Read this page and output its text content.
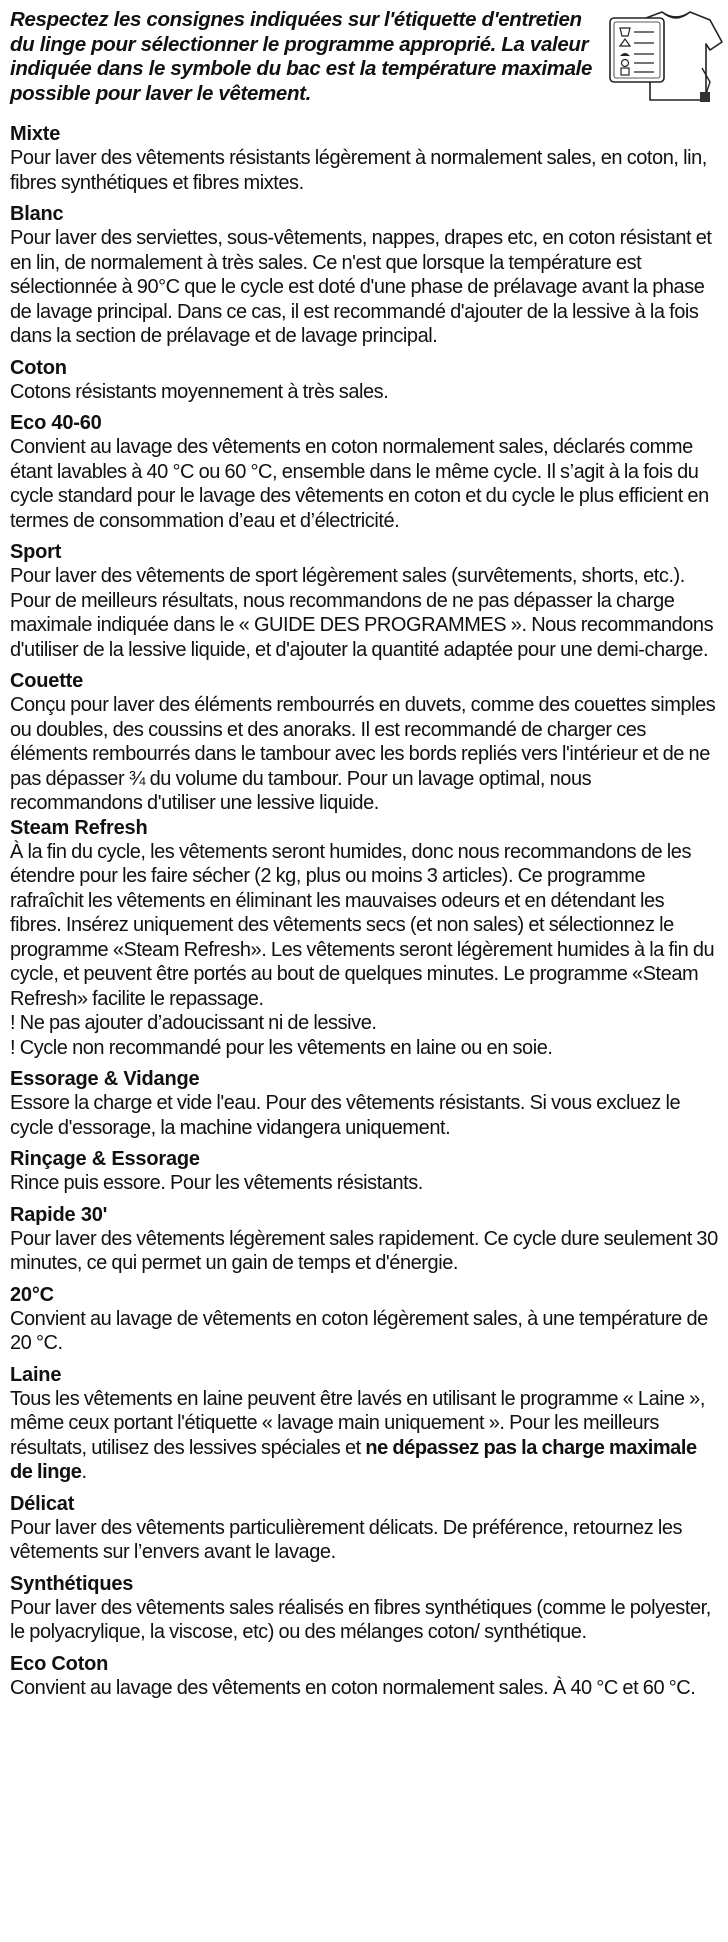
Respectez les consignes indiquées sur l'étiquette d'entretien du linge pour sélectionner le programme approprié. La valeur indiquée dans le symbole du bac est la température maximale possible pour laver le vêtement.

Mixte

Pour laver des vêtements résistants légèrement à normalement sales, en coton, lin, fibres synthétiques et fibres mixtes.

Blanc

Pour laver des serviettes, sous-vêtements, nappes, drapes etc, en coton résistant et en lin, de normalement à très sales. Ce n'est que lorsque la température est sélectionnée à 90°C que le cycle est doté d'une phase de prélavage avant la phase de lavage principal. Dans ce cas, il est recommandé d'ajouter de la lessive à la fois dans la section de prélavage et de lavage principal.

Coton

Cotons résistants moyennement à très sales.

Eco 40-60

Convient au lavage des vêtements en coton normalement sales, déclarés comme étant lavables à 40 °C ou 60 °C, ensemble dans le même cycle. Il s’agit à la fois du cycle standard pour le lavage des vêtements en coton et du cycle le plus efficient en termes de consommation d’eau et d’électricité.

Sport

Pour laver des vêtements de sport légèrement sales (survêtements, shorts, etc.). Pour de meilleurs résultats, nous recommandons de ne pas dépasser la charge maximale indiquée dans le « GUIDE DES PROGRAMMES ». Nous recommandons d'utiliser de la lessive liquide, et d'ajouter la quantité adaptée pour une demi-charge.

Couette

Conçu pour laver des éléments rembourrés en duvets, comme des couettes simples ou doubles, des coussins et des anoraks. Il est recommandé de charger ces éléments rembourrés dans le tambour avec les bords repliés vers l'intérieur et de ne pas dépasser ¾ du volume du tambour. Pour un lavage optimal, nous recommandons d'utiliser une lessive liquide.

Steam Refresh

À la fin du cycle, les vêtements seront humides, donc nous recommandons de les étendre pour les faire sécher (2 kg, plus ou moins 3 articles). Ce programme rafraîchit les vêtements en éliminant les mauvaises odeurs et en détendant les fibres. Insérez uniquement des vêtements secs (et non sales) et sélectionnez le programme «Steam Refresh». Les vêtements seront légèrement humides à la fin du cycle, et peuvent être portés au bout de quelques minutes. Le programme «Steam Refresh» facilite le repassage.
! Ne pas ajouter d’adoucissant ni de lessive.
! Cycle non recommandé pour les vêtements en laine ou en soie.

Essorage & Vidange

Essore la charge et vide l'eau. Pour des vêtements résistants. Si vous excluez le cycle d'essorage, la machine vidangera uniquement.

Rinçage & Essorage

Rince puis essore. Pour les vêtements résistants.

Rapide 30'

Pour laver des vêtements légèrement sales rapidement. Ce cycle dure seulement 30 minutes, ce qui permet un gain de temps et d'énergie.

20°C

Convient au lavage de vêtements en coton légèrement sales, à une température de 20 °C.

Laine

Tous les vêtements en laine peuvent être lavés en utilisant le programme « Laine », même ceux portant l'étiquette « lavage main uniquement ». Pour les meilleurs résultats, utilisez des lessives spéciales et ne dépassez pas la charge maximale de linge.

Délicat

Pour laver des vêtements particulièrement délicats. De préférence, retournez les vêtements sur l’envers avant le lavage.

Synthétiques

Pour laver des vêtements sales réalisés en fibres synthétiques (comme le polyester, le polyacrylique, la viscose, etc) ou des mélanges coton/ synthétique.

Eco Coton

Convient au lavage des vêtements en coton normalement sales. À 40 °C et 60 °C.
